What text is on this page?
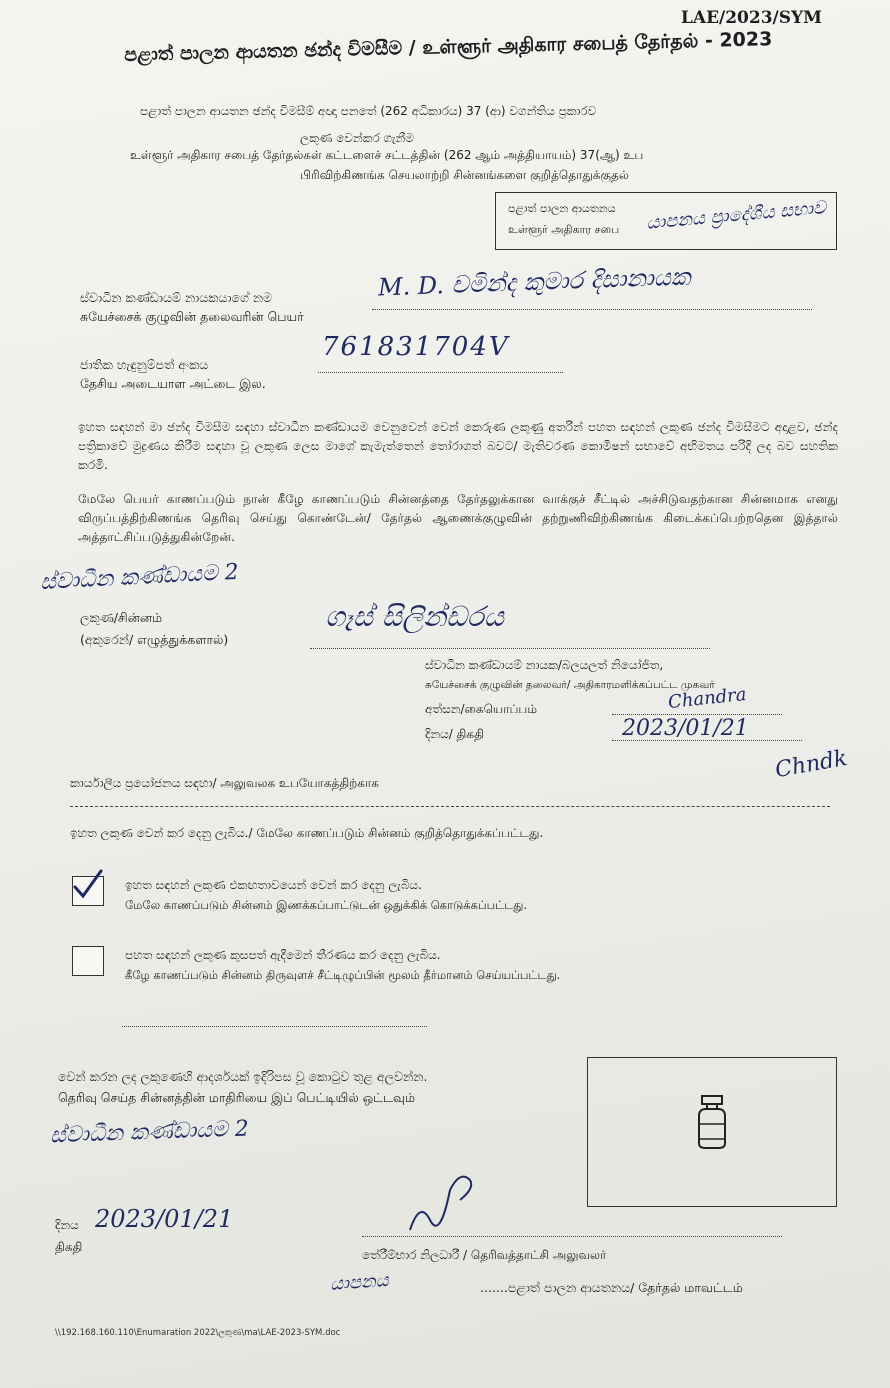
LAE/2023/SYM
පළාත් පාලන ආයතන ඡන්ද විමසීම / உள்ளூர் அதிகார சபைத் தேர்தல் - 2023
පළාත් පාලන ආයතන ඡන්ද විමසීම් අඥා පනතේ (262 අධිකාරය) 37 (ආ) වගන්තිය ප්‍රකාරව
ලකුණ වෙන්කර ගැනීම
உள்ளூர் அதிகார சபைத் தேர்தல்கள் கட்டளைச் சட்டத்தின் (262 ஆம் அத்தியாயம்) 37(ஆ) உப
பிரிவிற்கிணங்க செயலாற்றி சின்னங்களை குறித்தொதுக்குதல்
පළාත් පාලන ආයතනය
உள்ளூர் அதிகார சபை යාපනය ප්‍රාදේශීය සභාව
ස්වාධීන කණ්ඩායම් නායකයාගේ නම
சுயேச்சைக் குழுவின் தலைவரின் பெயர்
M. D. චමින්ද කුමාර දිසානායක
ජාතික හැඳුනුම්පත් අංකය
தேசிய அடையாள அட்டை இல.
761831704V
ඉහත සඳහන් මා ඡන්ද විමසීම සඳහා ස්වාධීන කණ්ඩායම වෙනුවෙන් වෙන් කෙරුණ ලකුණු අතරින් පහත සඳහන් ලකුණ ඡන්ද විමසීමට අදාළව, ඡන්ද පත්‍රිකාවේ මුද්‍රණය කිරීම සඳහා වූ ලකුණ ලෙස මාගේ කැමැත්තෙන් තෝරාගත් බවට/ මැතිවරණ කොමිෂන් සභාවේ අභිමතය පරිදි ලද බව සහතික කරමි.
மேலே பெயர் காணப்படும் நான் கீழே காணப்படும் சின்னத்தை தேர்தலுக்கான வாக்குச் சீட்டில் அச்சிடுவதற்கான சின்னமாக எனது விருப்பத்திற்கிணங்க தெரிவு செய்து கொண்டேன்/ தேர்தல் ஆணைக்குழுவின் தற்றுணிவிற்கிணங்க கிடைக்கப்பெற்றதென இத்தால் அத்தாட்சிப்படுத்துகின்றேன்.
ස්වාධීන කණ්ඩායම 2
ලකුණ/சின்னம்
(අකුරෙන්/ எழுத்துக்களால்)
ගෑස් සිලින්ඩරය
ස්වාධීන කණ්ඩායම් නායක/බලයලත් නියෝජිත,
சுயேச்சைக் குழுவின் தலைவர்/ அதிகாரமளிக்கப்பட்ட முகவர்
අත්සන/கையொப்பம்	Chandra
දිනය/ திகதி	2023/01/21
Chndk
කාර්යාලීය ප්‍රයෝජනය සඳහා/ அலுவலக உபயோகத்திற்காக
ඉහත ලකුණ වෙන් කර දෙනු ලැබිය./ மேலே காணப்படும் சின்னம் குறித்தொதுக்கப்பட்டது.
ඉහත සඳහන් ලකුණ එකඟතාවයෙන් වෙන් කර දෙනු ලැබිය.
மேலே காணப்படும் சின்னம் இணக்கப்பாட்டுடன் ஒதுக்கிக் கொடுக்கப்பட்டது.
පහත සඳහන් ලකුණ කුසපත් ඇදීමෙන් තීරණය කර දෙනු ලැබිය.
கீழே காணப்படும் சின்னம் திருவுளச் சீட்டிழுப்பின் மூலம் தீர்மானம் செய்யப்பட்டது.
වෙන් කරන ලද ලකුණෙහි ආදර්ශයක් ඉදිරිපස වූ කොටුව තුළ අලවන්න.
தெரிவு செய்த சின்னத்தின் மாதிரியை இப் பெட்டியில் ஒட்டவும்
ස්වාධීන කණ්ඩායම 2
දිනය
திகதி
2023/01/21
තේරීම්භාර නිලධාරී / தெரிவத்தாட்சி அலுவலர்
යාපනය	.......පළාත් පාලන ආයතනය/ தேர்தல் மாவட்டம்
\\192.168.160.110\Enumaration 2022\ලකුණ\ma\LAE-2023-SYM.doc
